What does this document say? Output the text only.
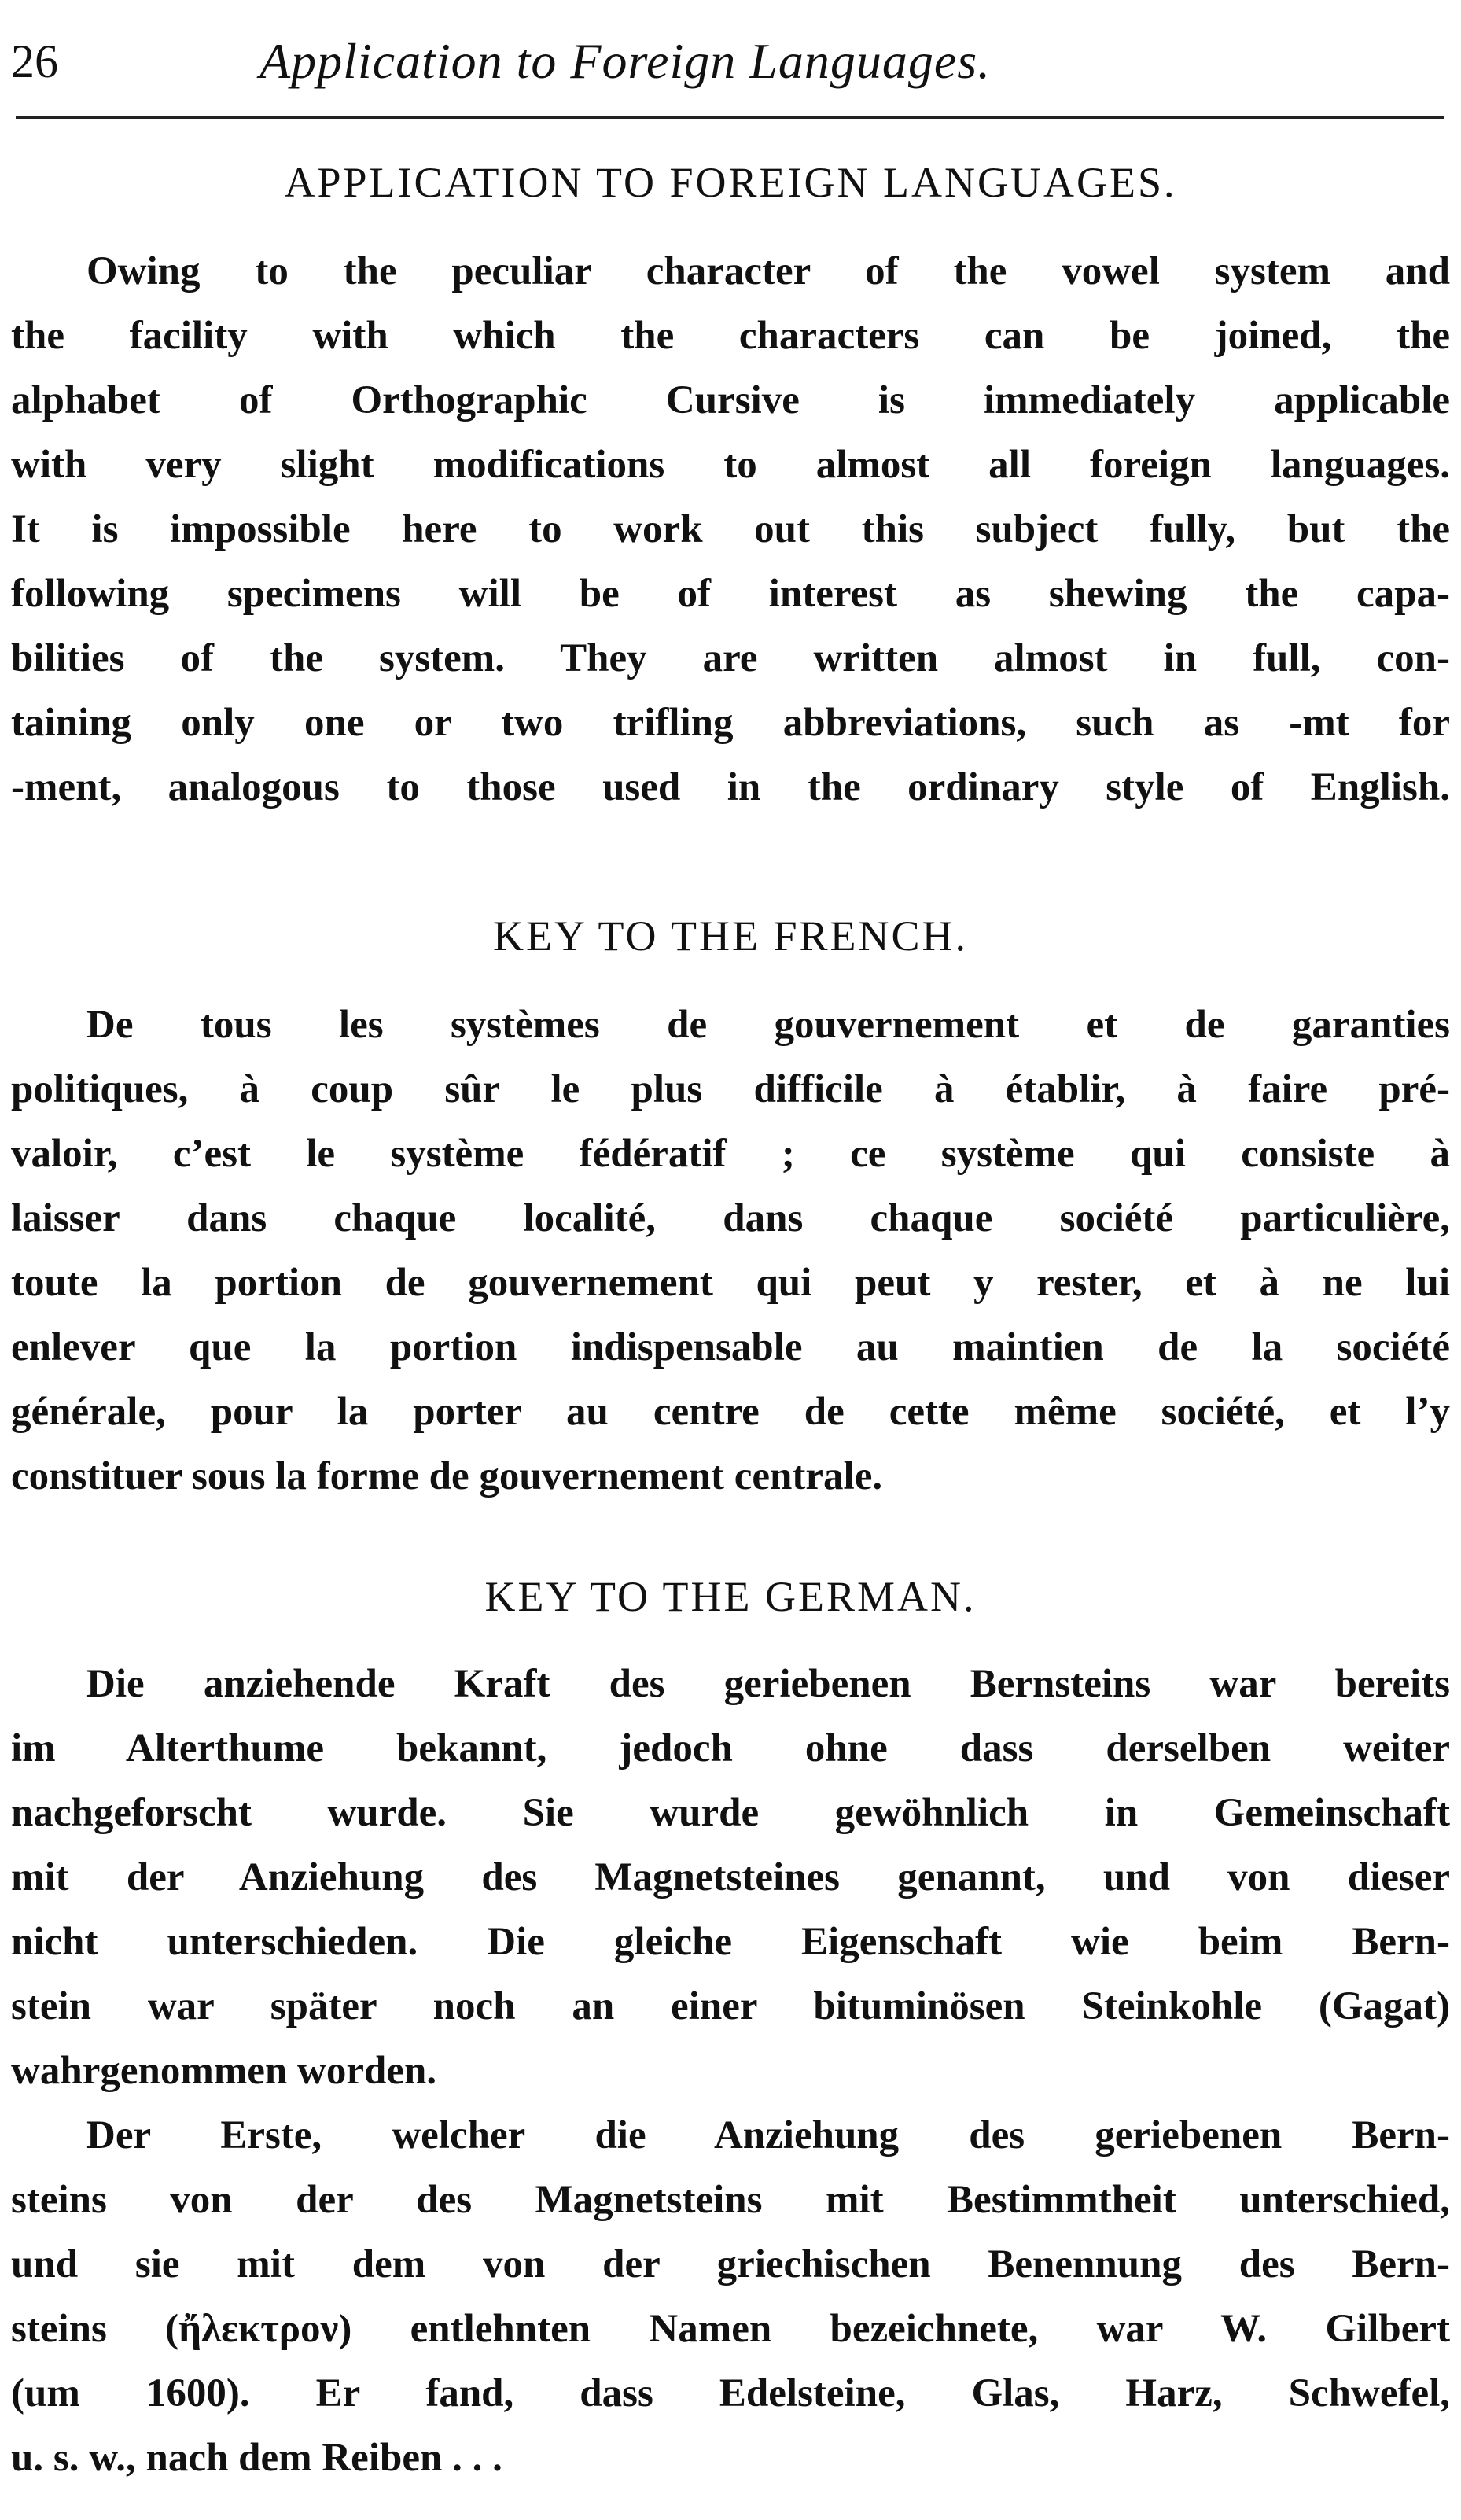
26	Application to Foreign Languages.
APPLICATION TO FOREIGN LANGUAGES.

Owing to the peculiar character of the vowel system and
the facility with which the characters can be joined, the
alphabet of Orthographic Cursive is immediately applicable
with very slight modifications to almost all foreign languages.
It is impossible here to work out this subject fully, but the
following specimens will be of interest as shewing the capa-
bilities of the system. They are written almost in full, con-
taining only one or two trifling abbreviations, such as -mt for
-ment, analogous to those used in the ordinary style of English.

KEY TO THE FRENCH.

De tous les systèmes de gouvernement et de garanties
politiques, à coup sûr le plus difficile à établir, à faire pré-
valoir, c’est le système fédératif ; ce système qui consiste à
laisser dans chaque localité, dans chaque société particulière,
toute la portion de gouvernement qui peut y rester, et à ne lui
enlever que la portion indispensable au maintien de la société
générale, pour la porter au centre de cette même société, et l’y
constituer sous la forme de gouvernement centrale.

KEY TO THE GERMAN.

Die anziehende Kraft des geriebenen Bernsteins war bereits
im Alterthume bekannt, jedoch ohne dass derselben weiter
nachgeforscht wurde. Sie wurde gewöhnlich in Gemeinschaft
mit der Anziehung des Magnetsteines genannt, und von dieser
nicht unterschieden. Die gleiche Eigenschaft wie beim Bern-
stein war später noch an einer bituminösen Steinkohle (Gagat)
wahrgenommen worden.

Der Erste, welcher die Anziehung des geriebenen Bern-
steins von der des Magnetsteins mit Bestimmtheit unterschied,
und sie mit dem von der griechischen Benennung des Bern-
steins (ἤλεκτρον) entlehnten Namen bezeichnete, war W. Gilbert
(um 1600). Er fand, dass Edelsteine, Glas, Harz, Schwefel,
u. s. w., nach dem Reiben . . .
